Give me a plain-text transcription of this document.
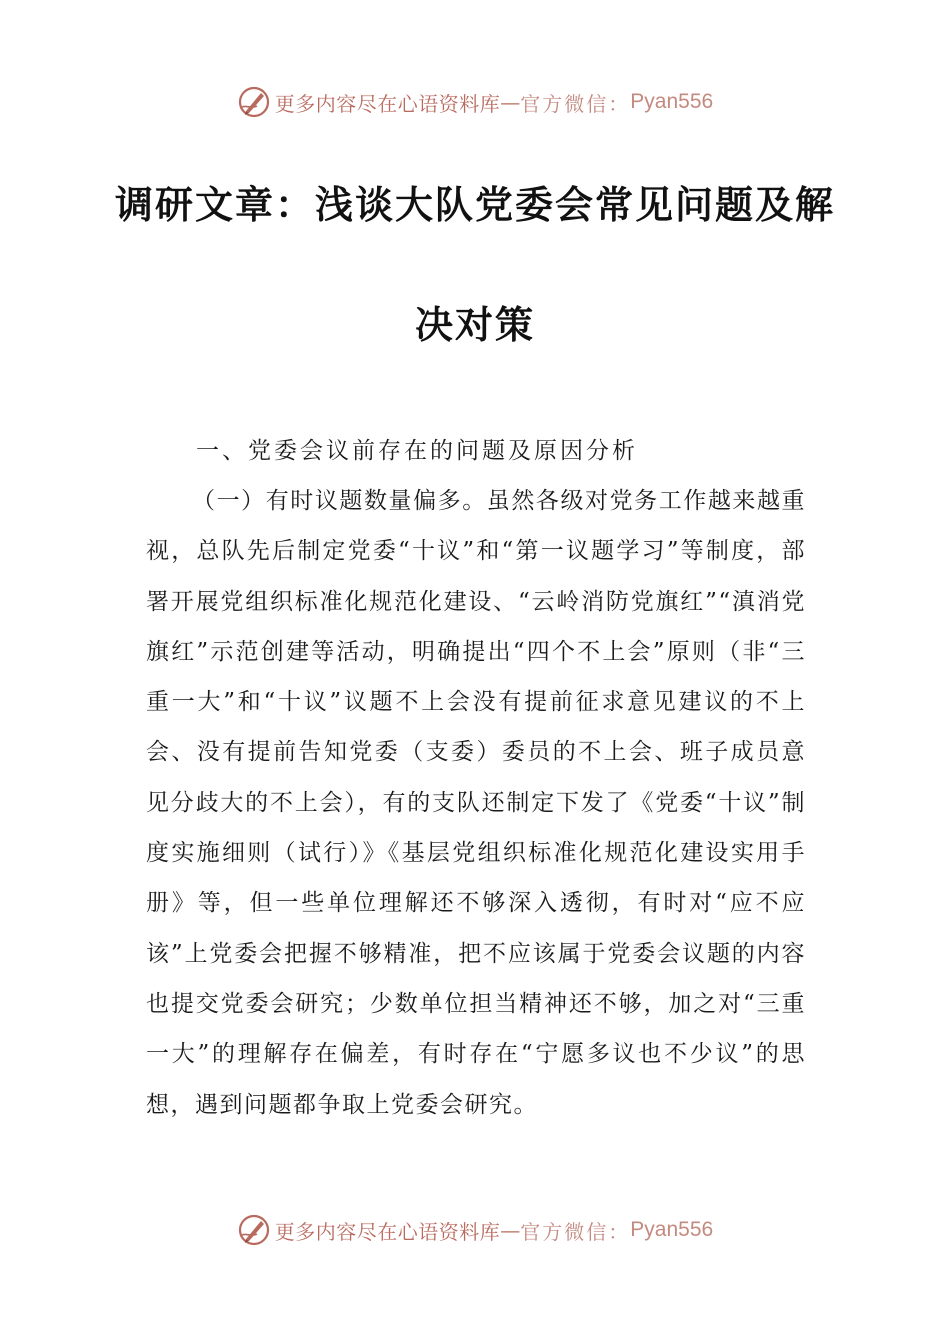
更多内容尽在心语资料库 — 官方微信： Pyan556
调研文章：浅谈大队党委会常见问题及解
决对策
一、党委会议前存在的问题及原因分析
（一）有时议题数量偏多。虽然各级对党务工作越来越重视，总队先后制定党委“十议”和“第一议题学习”等制度，部署开展党组织标准化规范化建设、“云岭消防党旗红”“滇消党旗红”示范创建等活动，明确提出“四个不上会”原则（非“三重一大”和“十议”议题不上会没有提前征求意见建议的不上会、没有提前告知党委（支委）委员的不上会、班子成员意见分歧大的不上会），有的支队还制定下发了《党委“十议”制度实施细则（试行）》《基层党组织标准化规范化建设实用手册》等，但一些单位理解还不够深入透彻，有时对“应不应该”上党委会把握不够精准，把不应该属于党委会议题的内容也提交党委会研究；少数单位担当精神还不够，加之对“三重一大”的理解存在偏差，有时存在“宁愿多议也不少议”的思想，遇到问题都争取上党委会研究。
更多内容尽在心语资料库 — 官方微信： Pyan556
